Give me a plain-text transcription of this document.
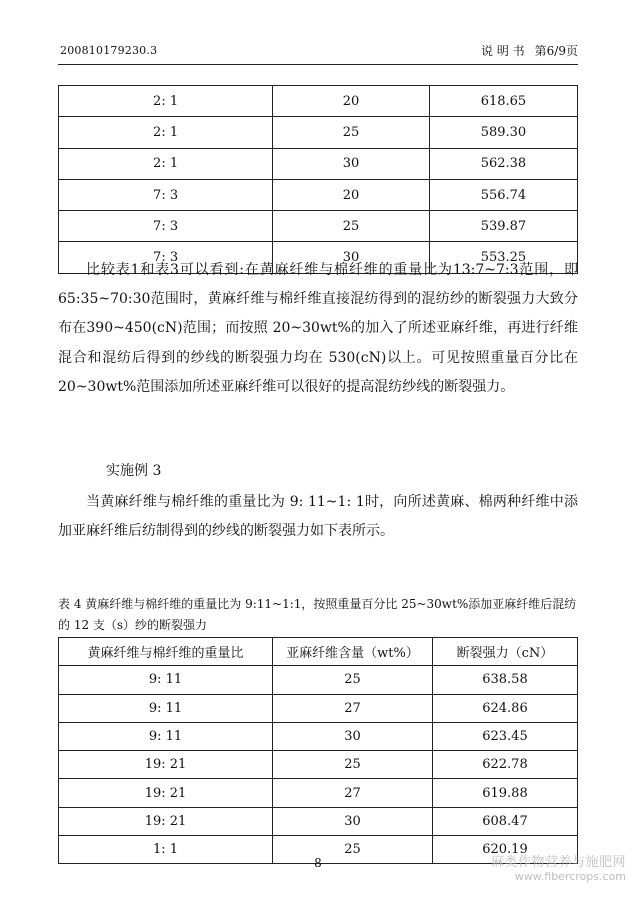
200810179230.3	说 明 书 第6/9页
2: 1	20	618.65
2: 1	25	589.30
2: 1	30	562.38
7: 3	20	556.74
7: 3	25	539.87
7: 3	30	553.25

比较表1和表3可以看到:在黄麻纤维与棉纤维的重量比为13:7~7:3范围，即65:35~70:30范围时，黄麻纤维与棉纤维直接混纺得到的混纺纱的断裂强力大致分布在390~450(cN)范围；而按照 20~30wt%的加入了所述亚麻纤维，再进行纤维混合和混纺后得到的纱线的断裂强力均在 530(cN)以上。可见按照重量百分比在20~30wt%范围添加所述亚麻纤维可以很好的提高混纺纱线的断裂强力。

实施例 3

当黄麻纤维与棉纤维的重量比为 9: 11~1: 1时，向所述黄麻、棉两种纤维中添加亚麻纤维后纺制得到的纱线的断裂强力如下表所示。

表 4 黄麻纤维与棉纤维的重量比为 9:11~1:1，按照重量百分比 25~30wt%添加亚麻纤维后混纺的 12 支（s）纱的断裂强力
黄麻纤维与棉纤维的重量比	亚麻纤维含量（wt%）	断裂强力（cN）
9: 11	25	638.58
9: 11	27	624.86
9: 11	30	623.45
19: 21	25	622.78
19: 21	27	619.88
19: 21	30	608.47
1: 1	25	620.19
8	麻类作物营养与施肥网
www.fibercrops.com
